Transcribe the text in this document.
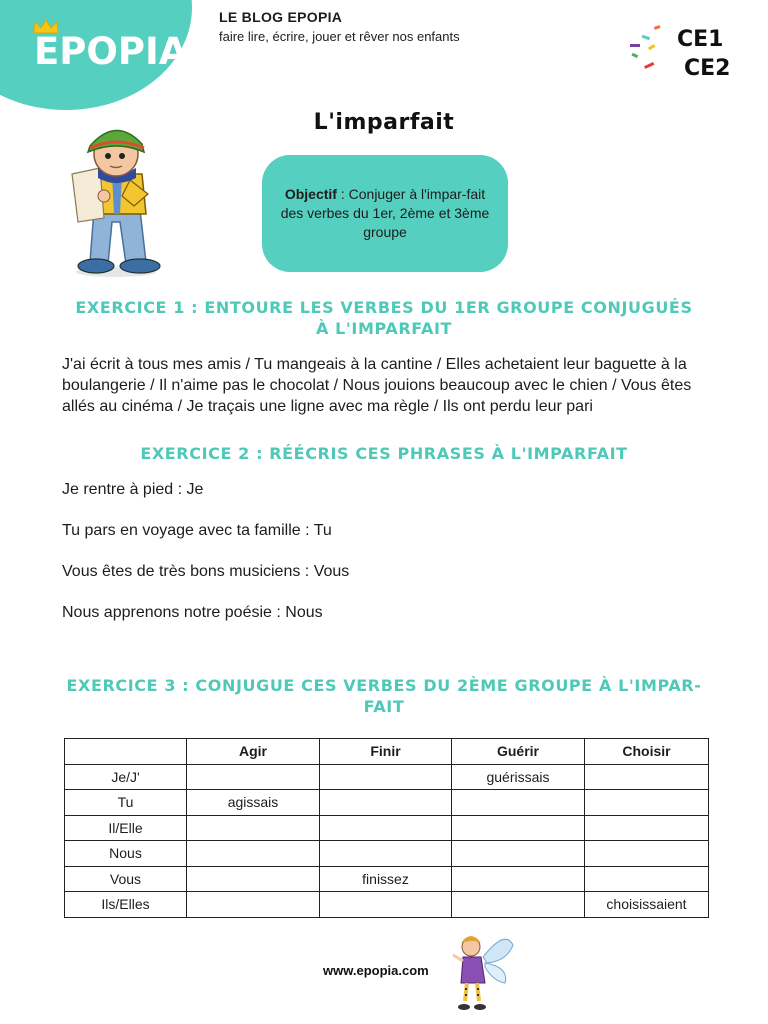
EPOPIA
LE BLOG EPOPIA
faire lire, écrire, jouer et rêver nos enfants	CE1
CE2
L'imparfait
Objectif : Conjuger à l'impar-fait des verbes du 1er, 2ème et 3ème groupe
EXERCICE 1 : ENTOURE LES VERBES DU 1ER GROUPE CONJUGUÉS
À L'IMPARFAIT
J'ai écrit à tous mes amis / Tu mangeais à la cantine / Elles achetaient leur baguette à la boulangerie / Il n'aime pas le chocolat / Nous jouions beaucoup avec le chien / Vous êtes allés au cinéma / Je traçais une ligne avec ma règle / Ils ont perdu leur pari
EXERCICE 2 : RÉÉCRIS CES PHRASES À L'IMPARFAIT
Je rentre à pied : Je
Tu pars en voyage avec ta famille : Tu
Vous êtes de très bons musiciens : Vous
Nous apprenons notre poésie : Nous
EXERCICE 3 : CONJUGUE CES VERBES DU 2ÈME GROUPE À L'IMPAR-
FAIT
	Agir	Finir	Guérir	Choisir
Je/J'			guérissais	
Tu	agissais			
Il/Elle				
Nous				
Vous		finissez		
Ils/Elles				choisissaient
www.epopia.com
